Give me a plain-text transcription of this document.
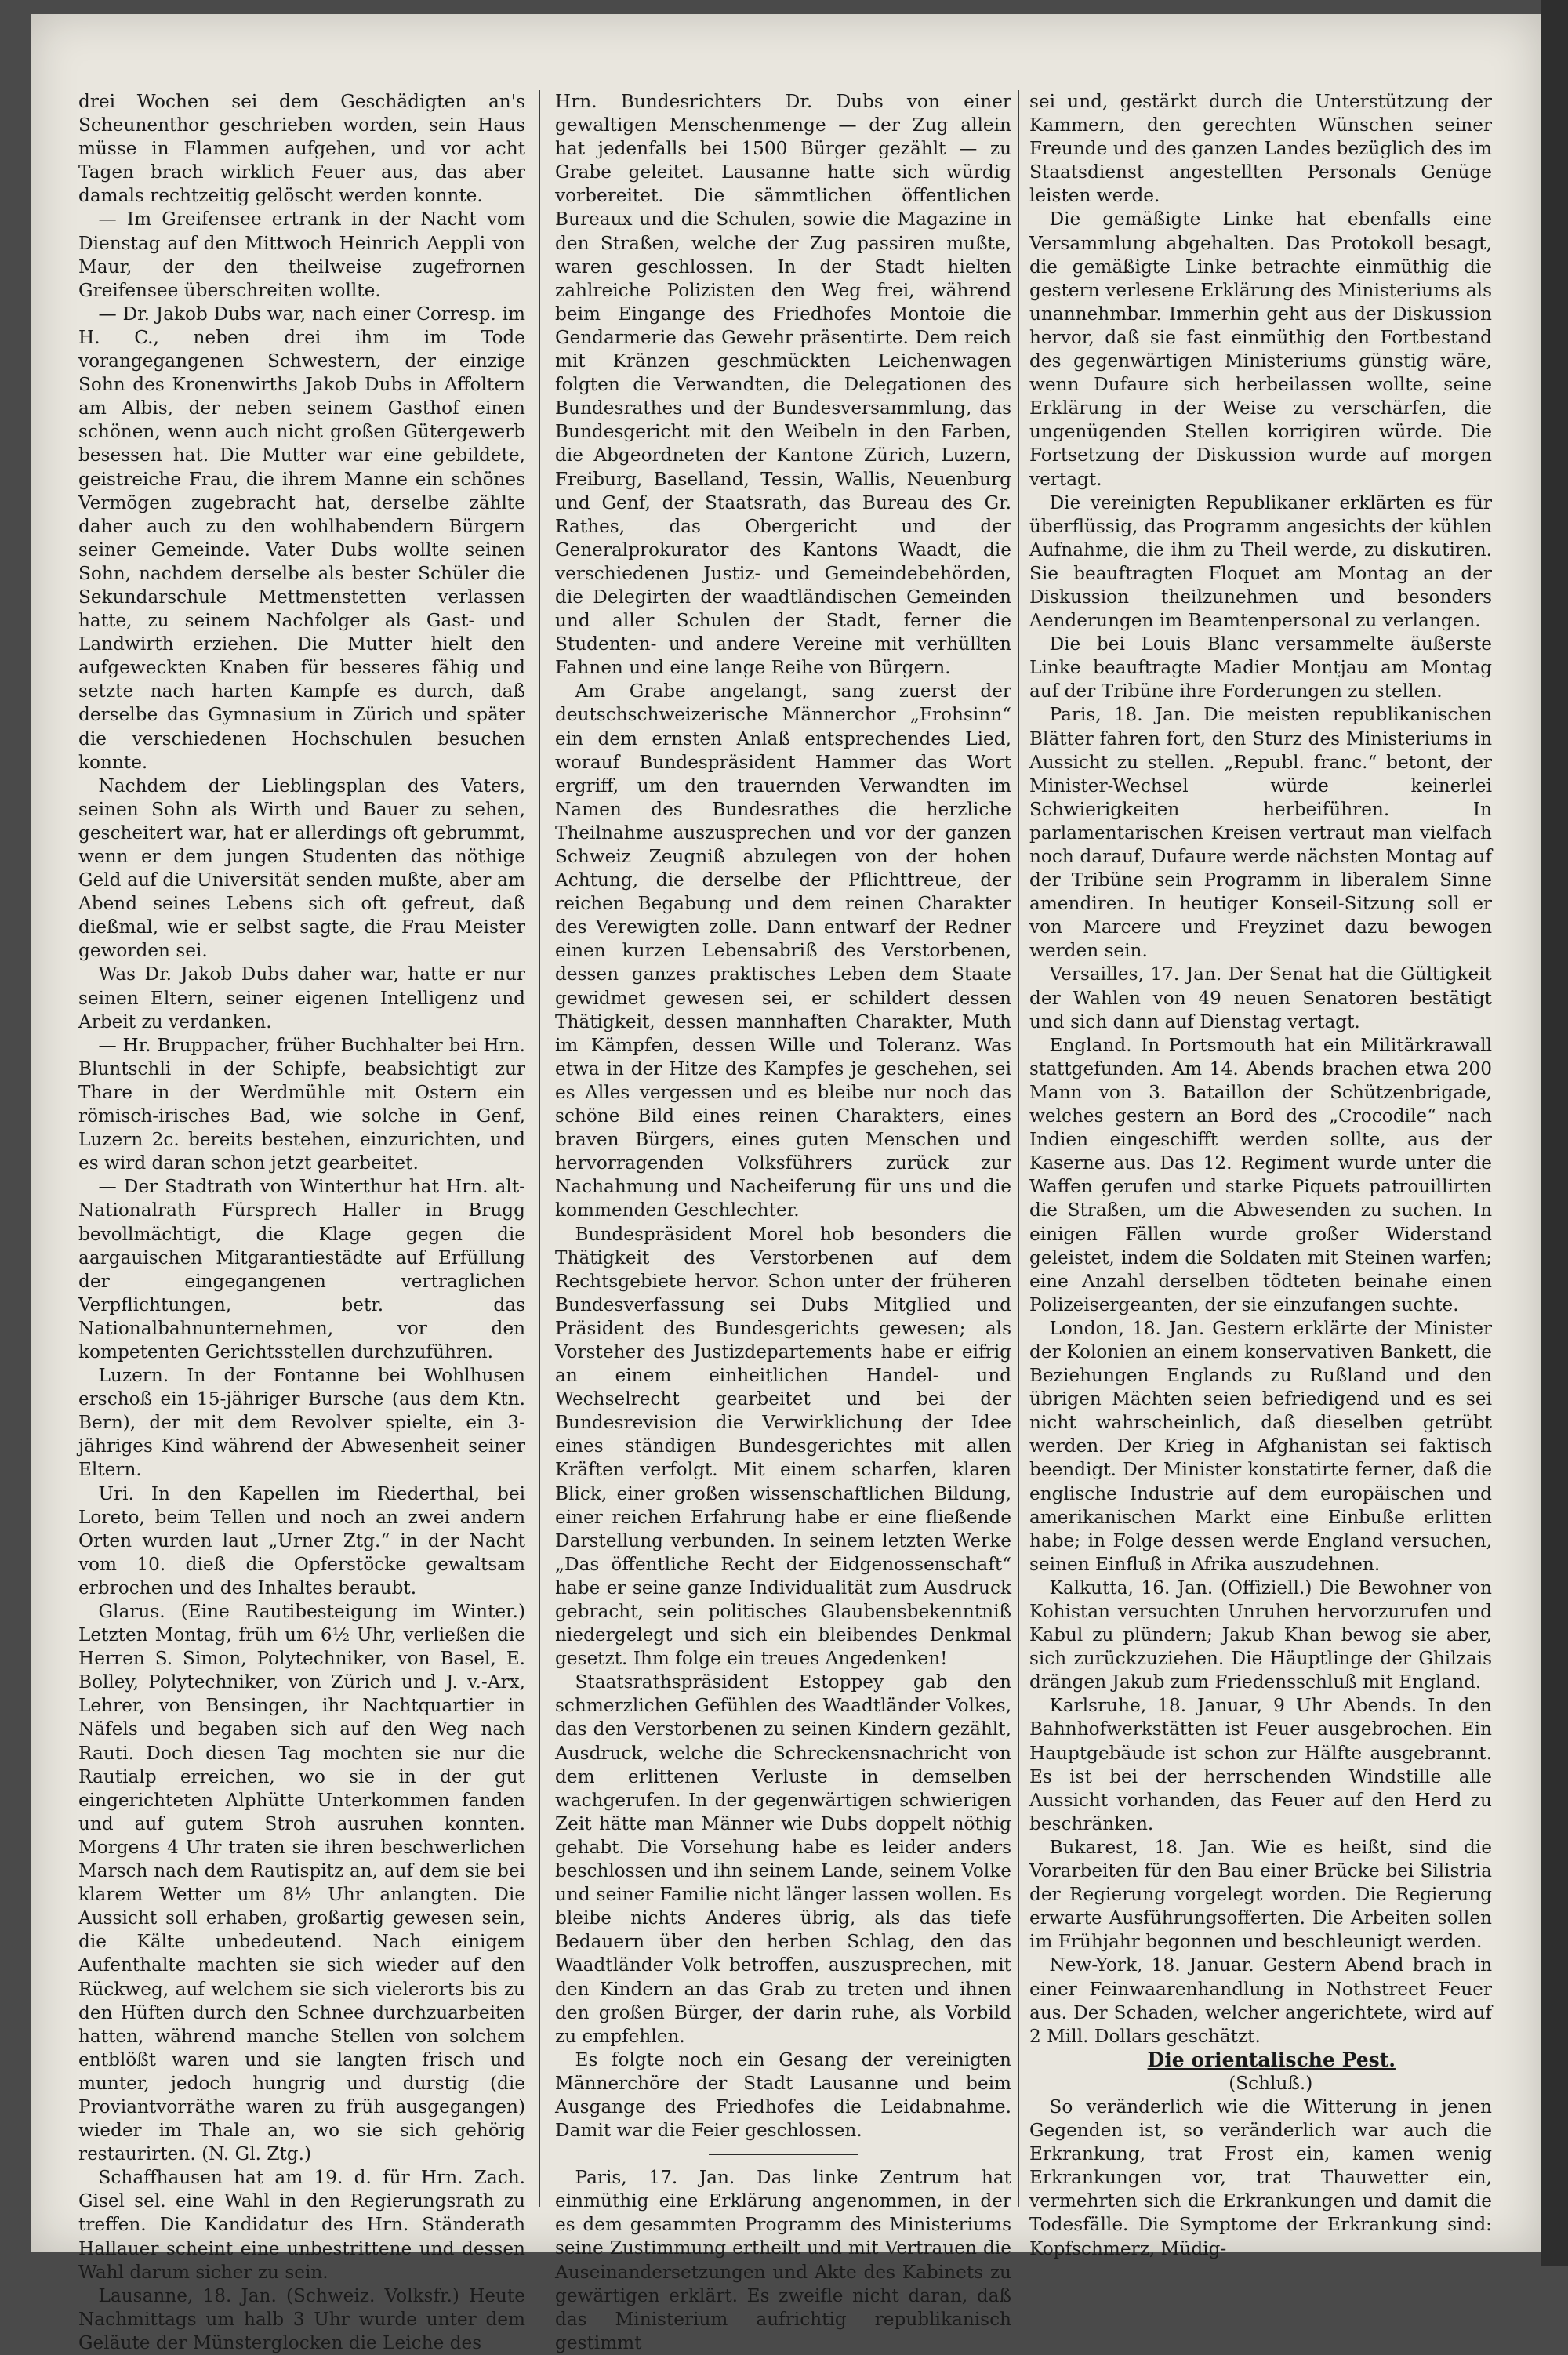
drei Wochen sei dem Geschädigten an's Scheunenthor geschrieben worden, sein Haus müsse in Flammen aufgehen, und vor acht Tagen brach wirklich Feuer aus, das aber damals rechtzeitig gelöscht werden konnte.

— Im Greifensee ertrank in der Nacht vom Dienstag auf den Mittwoch Heinrich Aeppli von Maur, der den theilweise zugefrornen Greifensee überschreiten wollte.

— Dr. Jakob Dubs war, nach einer Corresp. im H. C., neben drei ihm im Tode vorangegangenen Schwestern, der einzige Sohn des Kronenwirths Jakob Dubs in Affoltern am Albis, der neben seinem Gasthof einen schönen, wenn auch nicht großen Gütergewerb besessen hat. Die Mutter war eine gebildete, geistreiche Frau, die ihrem Manne ein schönes Vermögen zugebracht hat, derselbe zählte daher auch zu den wohlhabendern Bürgern seiner Gemeinde. Vater Dubs wollte seinen Sohn, nachdem derselbe als bester Schüler die Sekundarschule Mettmenstetten verlassen hatte, zu seinem Nachfolger als Gast- und Landwirth erziehen. Die Mutter hielt den aufgeweckten Knaben für besseres fähig und setzte nach harten Kampfe es durch, daß derselbe das Gymnasium in Zürich und später die verschiedenen Hochschulen besuchen konnte.

Nachdem der Lieblingsplan des Vaters, seinen Sohn als Wirth und Bauer zu sehen, gescheitert war, hat er allerdings oft gebrummt, wenn er dem jungen Studenten das nöthige Geld auf die Universität senden mußte, aber am Abend seines Lebens sich oft gefreut, daß dießmal, wie er selbst sagte, die Frau Meister geworden sei.

Was Dr. Jakob Dubs daher war, hatte er nur seinen Eltern, seiner eigenen Intelligenz und Arbeit zu verdanken.

— Hr. Bruppacher, früher Buchhalter bei Hrn. Bluntschli in der Schipfe, beabsichtigt zur Thare in der Werdmühle mit Ostern ein römisch-irisches Bad, wie solche in Genf, Luzern 2c. bereits bestehen, einzurichten, und es wird daran schon jetzt gearbeitet.

— Der Stadtrath von Winterthur hat Hrn. alt-Nationalrath Fürsprech Haller in Brugg bevollmächtigt, die Klage gegen die aargauischen Mitgarantiestädte auf Erfüllung der eingegangenen vertraglichen Verpflichtungen, betr. das Nationalbahnunternehmen, vor den kompetenten Gerichtsstellen durchzuführen.

Luzern. In der Fontanne bei Wohlhusen erschoß ein 15-jähriger Bursche (aus dem Ktn. Bern), der mit dem Revolver spielte, ein 3-jähriges Kind während der Abwesenheit seiner Eltern.

Uri. In den Kapellen im Riederthal, bei Loreto, beim Tellen und noch an zwei andern Orten wurden laut „Urner Ztg.“ in der Nacht vom 10. dieß die Opferstöcke gewaltsam erbrochen und des Inhaltes beraubt.

Glarus. (Eine Rautibesteigung im Winter.) Letzten Montag, früh um 6½ Uhr, verließen die Herren S. Simon, Polytechniker, von Basel, E. Bolley, Polytechniker, von Zürich und J. v.-Arx, Lehrer, von Bensingen, ihr Nachtquartier in Näfels und begaben sich auf den Weg nach Rauti. Doch diesen Tag mochten sie nur die Rautialp erreichen, wo sie in der gut eingerichteten Alphütte Unterkommen fanden und auf gutem Stroh ausruhen konnten. Morgens 4 Uhr traten sie ihren beschwerlichen Marsch nach dem Rautispitz an, auf dem sie bei klarem Wetter um 8½ Uhr anlangten. Die Aussicht soll erhaben, großartig gewesen sein, die Kälte unbedeutend. Nach einigem Aufenthalte machten sie sich wieder auf den Rückweg, auf welchem sie sich vielerorts bis zu den Hüften durch den Schnee durchzuarbeiten hatten, während manche Stellen von solchem entblößt waren und sie langten frisch und munter, jedoch hungrig und durstig (die Proviantvorräthe waren zu früh ausgegangen) wieder im Thale an, wo sie sich gehörig restaurirten. (N. Gl. Ztg.)

Schaffhausen hat am 19. d. für Hrn. Zach. Gisel sel. eine Wahl in den Regierungsrath zu treffen. Die Kandidatur des Hrn. Ständerath Hallauer scheint eine unbestrittene und dessen Wahl darum sicher zu sein.

Lausanne, 18. Jan. (Schweiz. Volksfr.) Heute Nachmittags um halb 3 Uhr wurde unter dem Geläute der Münsterglocken die Leiche des

Hrn. Bundesrichters Dr. Dubs von einer gewaltigen Menschenmenge — der Zug allein hat jedenfalls bei 1500 Bürger gezählt — zu Grabe geleitet. Lausanne hatte sich würdig vorbereitet. Die sämmtlichen öffentlichen Bureaux und die Schulen, sowie die Magazine in den Straßen, welche der Zug passiren mußte, waren geschlossen. In der Stadt hielten zahlreiche Polizisten den Weg frei, während beim Eingange des Friedhofes Montoie die Gendarmerie das Gewehr präsentirte. Dem reich mit Kränzen geschmückten Leichenwagen folgten die Verwandten, die Delegationen des Bundesrathes und der Bundesversammlung, das Bundesgericht mit den Weibeln in den Farben, die Abgeordneten der Kantone Zürich, Luzern, Freiburg, Baselland, Tessin, Wallis, Neuenburg und Genf, der Staatsrath, das Bureau des Gr. Rathes, das Obergericht und der Generalprokurator des Kantons Waadt, die verschiedenen Justiz- und Gemeindebehörden, die Delegirten der waadtländischen Gemeinden und aller Schulen der Stadt, ferner die Studenten- und andere Vereine mit verhüllten Fahnen und eine lange Reihe von Bürgern.

Am Grabe angelangt, sang zuerst der deutschschweizerische Männerchor „Frohsinn“ ein dem ernsten Anlaß entsprechendes Lied, worauf Bundespräsident Hammer das Wort ergriff, um den trauernden Verwandten im Namen des Bundesrathes die herzliche Theilnahme auszusprechen und vor der ganzen Schweiz Zeugniß abzulegen von der hohen Achtung, die derselbe der Pflichttreue, der reichen Begabung und dem reinen Charakter des Verewigten zolle. Dann entwarf der Redner einen kurzen Lebensabriß des Verstorbenen, dessen ganzes praktisches Leben dem Staate gewidmet gewesen sei, er schildert dessen Thätigkeit, dessen mannhaften Charakter, Muth im Kämpfen, dessen Wille und Toleranz. Was etwa in der Hitze des Kampfes je geschehen, sei es Alles vergessen und es bleibe nur noch das schöne Bild eines reinen Charakters, eines braven Bürgers, eines guten Menschen und hervorragenden Volksführers zurück zur Nachahmung und Nacheiferung für uns und die kommenden Geschlechter.

Bundespräsident Morel hob besonders die Thätigkeit des Verstorbenen auf dem Rechtsgebiete hervor. Schon unter der früheren Bundesverfassung sei Dubs Mitglied und Präsident des Bundesgerichts gewesen; als Vorsteher des Justizdepartements habe er eifrig an einem einheitlichen Handel- und Wechselrecht gearbeitet und bei der Bundesrevision die Verwirklichung der Idee eines ständigen Bundesgerichtes mit allen Kräften verfolgt. Mit einem scharfen, klaren Blick, einer großen wissenschaftlichen Bildung, einer reichen Erfahrung habe er eine fließende Darstellung verbunden. In seinem letzten Werke „Das öffentliche Recht der Eidgenossenschaft“ habe er seine ganze Individualität zum Ausdruck gebracht, sein politisches Glaubensbekenntniß niedergelegt und sich ein bleibendes Denkmal gesetzt. Ihm folge ein treues Angedenken!

Staatsrathspräsident Estoppey gab den schmerzlichen Gefühlen des Waadtländer Volkes, das den Verstorbenen zu seinen Kindern gezählt, Ausdruck, welche die Schreckensnachricht von dem erlittenen Verluste in demselben wachgerufen. In der gegenwärtigen schwierigen Zeit hätte man Männer wie Dubs doppelt nöthig gehabt. Die Vorsehung habe es leider anders beschlossen und ihn seinem Lande, seinem Volke und seiner Familie nicht länger lassen wollen. Es bleibe nichts Anderes übrig, als das tiefe Bedauern über den herben Schlag, den das Waadtländer Volk betroffen, auszusprechen, mit den Kindern an das Grab zu treten und ihnen den großen Bürger, der darin ruhe, als Vorbild zu empfehlen.

Es folgte noch ein Gesang der vereinigten Männerchöre der Stadt Lausanne und beim Ausgange des Friedhofes die Leidabnahme. Damit war die Feier geschlossen.

Paris, 17. Jan. Das linke Zentrum hat einmüthig eine Erklärung angenommen, in der es dem gesammten Programm des Ministeriums seine Zustimmung ertheilt und mit Vertrauen die Auseinandersetzungen und Akte des Kabinets zu gewärtigen erklärt. Es zweifle nicht daran, daß das Ministerium aufrichtig republikanisch gestimmt

sei und, gestärkt durch die Unterstützung der Kammern, den gerechten Wünschen seiner Freunde und des ganzen Landes bezüglich des im Staatsdienst angestellten Personals Genüge leisten werde.

Die gemäßigte Linke hat ebenfalls eine Versammlung abgehalten. Das Protokoll besagt, die gemäßigte Linke betrachte einmüthig die gestern verlesene Erklärung des Ministeriums als unannehmbar. Immerhin geht aus der Diskussion hervor, daß sie fast einmüthig den Fortbestand des gegenwärtigen Ministeriums günstig wäre, wenn Dufaure sich herbeilassen wollte, seine Erklärung in der Weise zu verschärfen, die ungenügenden Stellen korrigiren würde. Die Fortsetzung der Diskussion wurde auf morgen vertagt.

Die vereinigten Republikaner erklärten es für überflüssig, das Programm angesichts der kühlen Aufnahme, die ihm zu Theil werde, zu diskutiren. Sie beauftragten Floquet am Montag an der Diskussion theilzunehmen und besonders Aenderungen im Beamtenpersonal zu verlangen.

Die bei Louis Blanc versammelte äußerste Linke beauftragte Madier Montjau am Montag auf der Tribüne ihre Forderungen zu stellen.

Paris, 18. Jan. Die meisten republikanischen Blätter fahren fort, den Sturz des Ministeriums in Aussicht zu stellen. „Republ. franc.“ betont, der Minister-Wechsel würde keinerlei Schwierigkeiten herbeiführen. In parlamentarischen Kreisen vertraut man vielfach noch darauf, Dufaure werde nächsten Montag auf der Tribüne sein Programm in liberalem Sinne amendiren. In heutiger Konseil-Sitzung soll er von Marcere und Freyzinet dazu bewogen werden sein.

Versailles, 17. Jan. Der Senat hat die Gültigkeit der Wahlen von 49 neuen Senatoren bestätigt und sich dann auf Dienstag vertagt.

England. In Portsmouth hat ein Militärkrawall stattgefunden. Am 14. Abends brachen etwa 200 Mann von 3. Bataillon der Schützenbrigade, welches gestern an Bord des „Crocodile“ nach Indien eingeschifft werden sollte, aus der Kaserne aus. Das 12. Regiment wurde unter die Waffen gerufen und starke Piquets patrouillirten die Straßen, um die Abwesenden zu suchen. In einigen Fällen wurde großer Widerstand geleistet, indem die Soldaten mit Steinen warfen; eine Anzahl derselben tödteten beinahe einen Polizeisergeanten, der sie einzufangen suchte.

London, 18. Jan. Gestern erklärte der Minister der Kolonien an einem konservativen Bankett, die Beziehungen Englands zu Rußland und den übrigen Mächten seien befriedigend und es sei nicht wahrscheinlich, daß dieselben getrübt werden. Der Krieg in Afghanistan sei faktisch beendigt. Der Minister konstatirte ferner, daß die englische Industrie auf dem europäischen und amerikanischen Markt eine Einbuße erlitten habe; in Folge dessen werde England versuchen, seinen Einfluß in Afrika auszudehnen.

Kalkutta, 16. Jan. (Offiziell.) Die Bewohner von Kohistan versuchten Unruhen hervorzurufen und Kabul zu plündern; Jakub Khan bewog sie aber, sich zurückzuziehen. Die Häuptlinge der Ghilzais drängen Jakub zum Friedensschluß mit England.

Karlsruhe, 18. Januar, 9 Uhr Abends. In den Bahnhofwerkstätten ist Feuer ausgebrochen. Ein Hauptgebäude ist schon zur Hälfte ausgebrannt. Es ist bei der herrschenden Windstille alle Aussicht vorhanden, das Feuer auf den Herd zu beschränken.

Bukarest, 18. Jan. Wie es heißt, sind die Vorarbeiten für den Bau einer Brücke bei Silistria der Regierung vorgelegt worden. Die Regierung erwarte Ausführungsofferten. Die Arbeiten sollen im Frühjahr begonnen und beschleunigt werden.

New-York, 18. Januar. Gestern Abend brach in einer Feinwaarenhandlung in Nothstreet Feuer aus. Der Schaden, welcher angerichtete, wird auf 2 Mill. Dollars geschätzt.

Die orientalische Pest.

(Schluß.)

So veränderlich wie die Witterung in jenen Gegenden ist, so veränderlich war auch die Erkrankung, trat Frost ein, kamen wenig Erkrankungen vor, trat Thauwetter ein, vermehrten sich die Erkrankungen und damit die Todesfälle. Die Symptome der Erkrankung sind: Kopfschmerz, Müdig-
